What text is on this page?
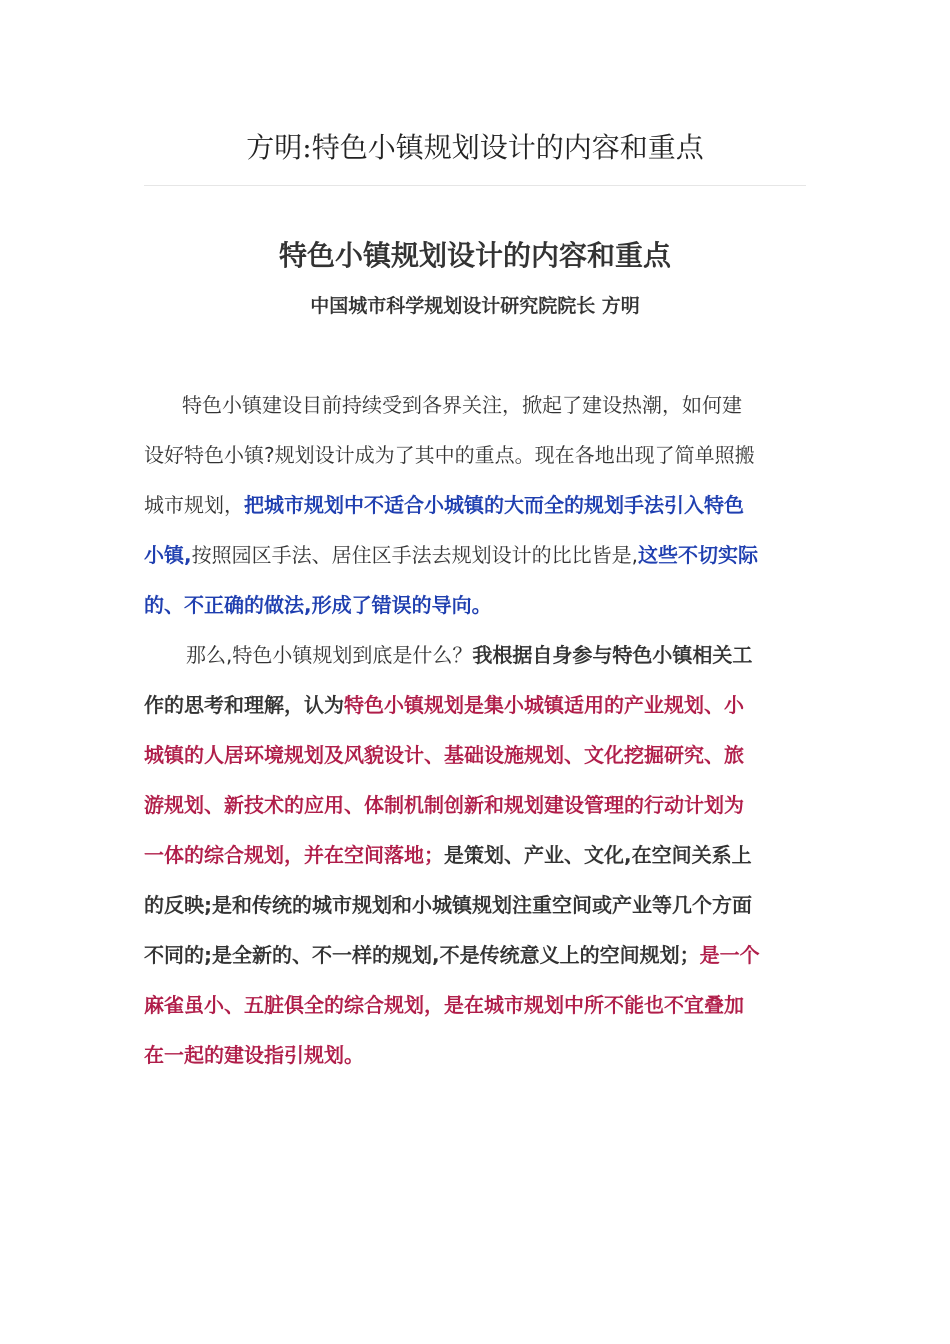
方明:特色小镇规划设计的内容和重点
特色小镇规划设计的内容和重点

中国城市科学规划设计研究院院长 方明

特色小镇建设目前持续受到各界关注，掀起了建设热潮，如何建
设好特色小镇?规划设计成为了其中的重点。现在各地出现了简单照搬
城市规划，把城市规划中不适合小城镇的大而全的规划手法引入特色
小镇,按照园区手法、居住区手法去规划设计的比比皆是,这些不切实际
的、不正确的做法,形成了错误的导向。
那么,特色小镇规划到底是什么？我根据自身参与特色小镇相关工
作的思考和理解，认为特色小镇规划是集小城镇适用的产业规划、小
城镇的人居环境规划及风貌设计、基础设施规划、文化挖掘研究、旅
游规划、新技术的应用、体制机制创新和规划建设管理的行动计划为
一体的综合规划，并在空间落地；是策划、产业、文化,在空间关系上
的反映;是和传统的城市规划和小城镇规划注重空间或产业等几个方面
不同的;是全新的、不一样的规划,不是传统意义上的空间规划；是一个
麻雀虽小、五脏俱全的综合规划，是在城市规划中所不能也不宜叠加
在一起的建设指引规划。
